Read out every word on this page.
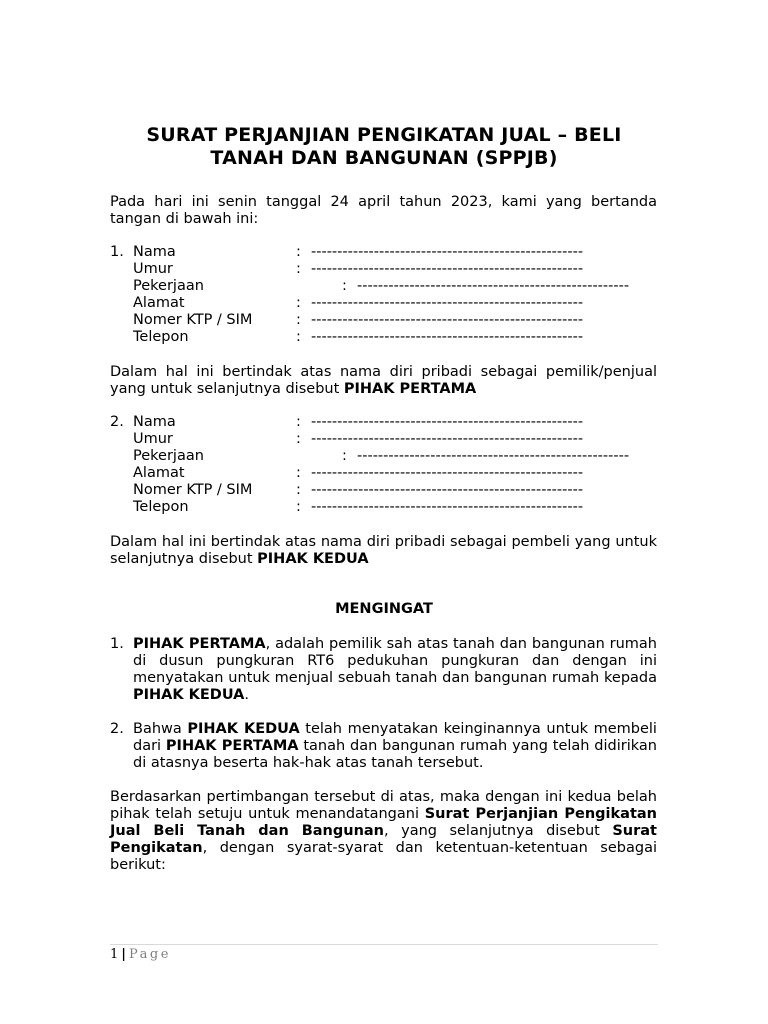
SURAT PERJANJIAN PENGIKATAN JUAL – BELI
TANAH DAN BANGUNAN (SPPJB)

Pada hari ini senin tanggal 24 april tahun 2023, kami yang bertanda tangan di bawah ini:

1. Nama	: ----------------------------------------------------
Umur	: ----------------------------------------------------
Pekerjaan	: ----------------------------------------------------
Alamat	: ----------------------------------------------------
Nomer KTP / SIM	: ----------------------------------------------------
Telepon	: ----------------------------------------------------

Dalam hal ini bertindak atas nama diri pribadi sebagai pemilik/penjual yang untuk selanjutnya disebut PIHAK PERTAMA

2. Nama	: ----------------------------------------------------
Umur	: ----------------------------------------------------
Pekerjaan	: ----------------------------------------------------
Alamat	: ----------------------------------------------------
Nomer KTP / SIM	: ----------------------------------------------------
Telepon	: ----------------------------------------------------

Dalam hal ini bertindak atas nama diri pribadi sebagai pembeli yang untuk selanjutnya disebut PIHAK KEDUA

MENGINGAT
1. PIHAK PERTAMA, adalah pemilik sah atas tanah dan bangunan rumah di dusun pungkuran RT6 pedukuhan pungkuran dan dengan ini menyatakan untuk menjual sebuah tanah dan bangunan rumah kepada PIHAK KEDUA.
2. Bahwa PIHAK KEDUA telah menyatakan keinginannya untuk membeli dari PIHAK PERTAMA tanah dan bangunan rumah yang telah didirikan di atasnya beserta hak-hak atas tanah tersebut.

Berdasarkan pertimbangan tersebut di atas, maka dengan ini kedua belah pihak telah setuju untuk menandatangani Surat Perjanjian Pengikatan Jual Beli Tanah dan Bangunan, yang selanjutnya disebut Surat Pengikatan, dengan syarat-syarat dan ketentuan-ketentuan sebagai berikut:

1 | Page
